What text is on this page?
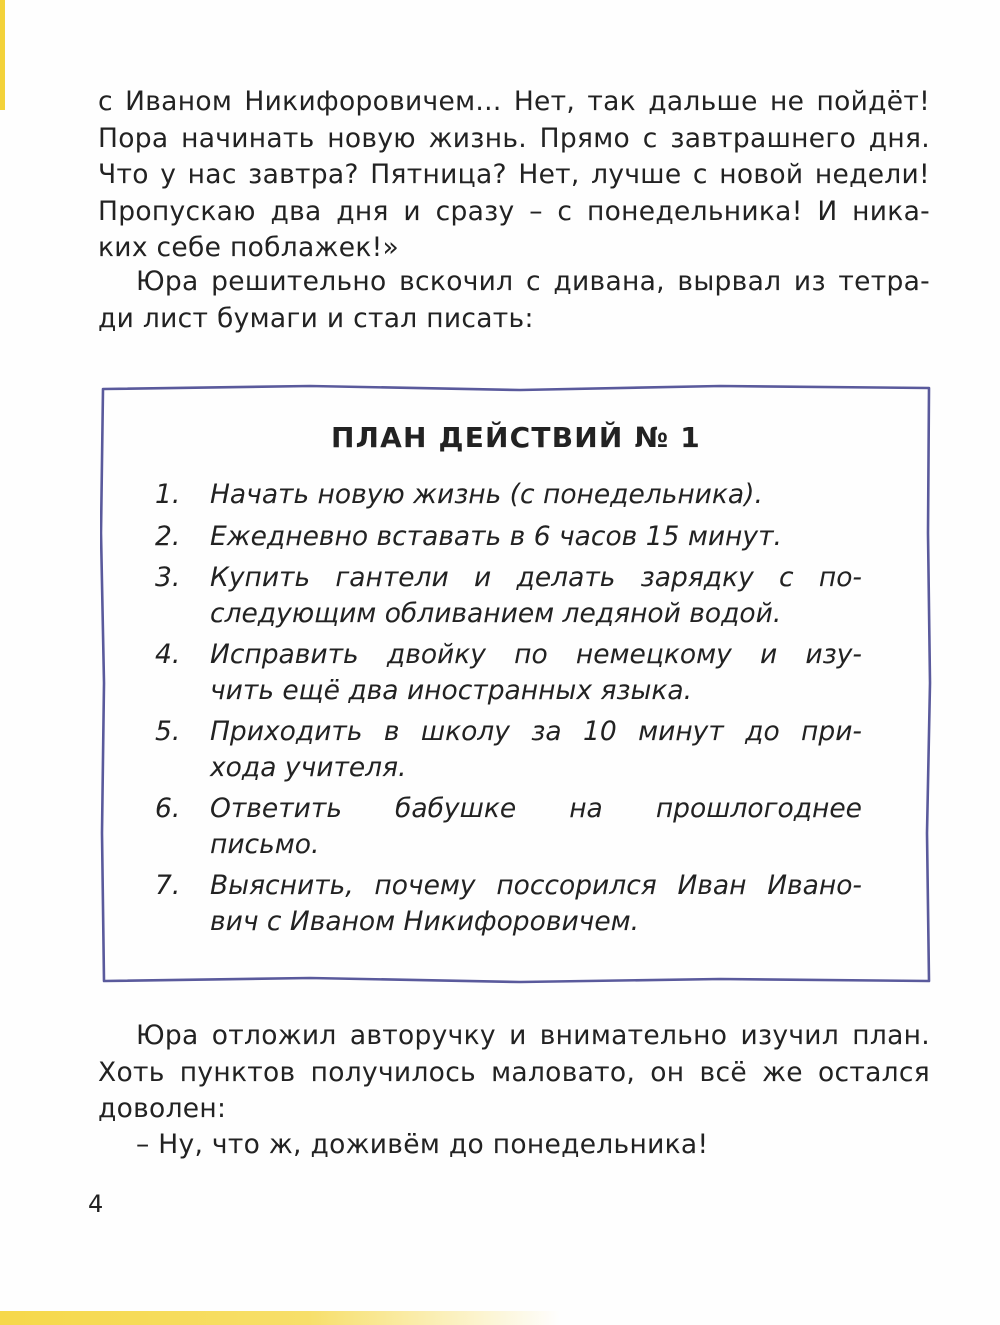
с Иваном Никифоровичем... Нет, так дальше не пойдёт!
Пора начинать новую жизнь. Прямо с завтрашнего дня.
Что у нас завтра? Пятница? Нет, лучше с новой недели!
Пропускаю два дня и сразу – с понедельника! И ника-
ких себе поблажек!»
Юра решительно вскочил с дивана, вырвал из тетра-
ди лист бумаги и стал писать:
ПЛАН ДЕЙСТВИЙ № 1
1. Начать новую жизнь (с понедельника).
2. Ежедневно вставать в 6 часов 15 минут.
3. Купить гантели и делать зарядку с по-
следующим обливанием ледяной водой.
4. Исправить двойку по немецкому и изу-
чить ещё два иностранных языка.
5. Приходить в школу за 10 минут до при-
хода учителя.
6. Ответить бабушке на прошлогоднее
письмо.
7. Выяснить, почему поссорился Иван Ивано-
вич с Иваном Никифоровичем.
Юра отложил авторучку и внимательно изучил план.
Хоть пунктов получилось маловато, он всё же остался
доволен:
– Ну, что ж, доживём до понедельника!
4
